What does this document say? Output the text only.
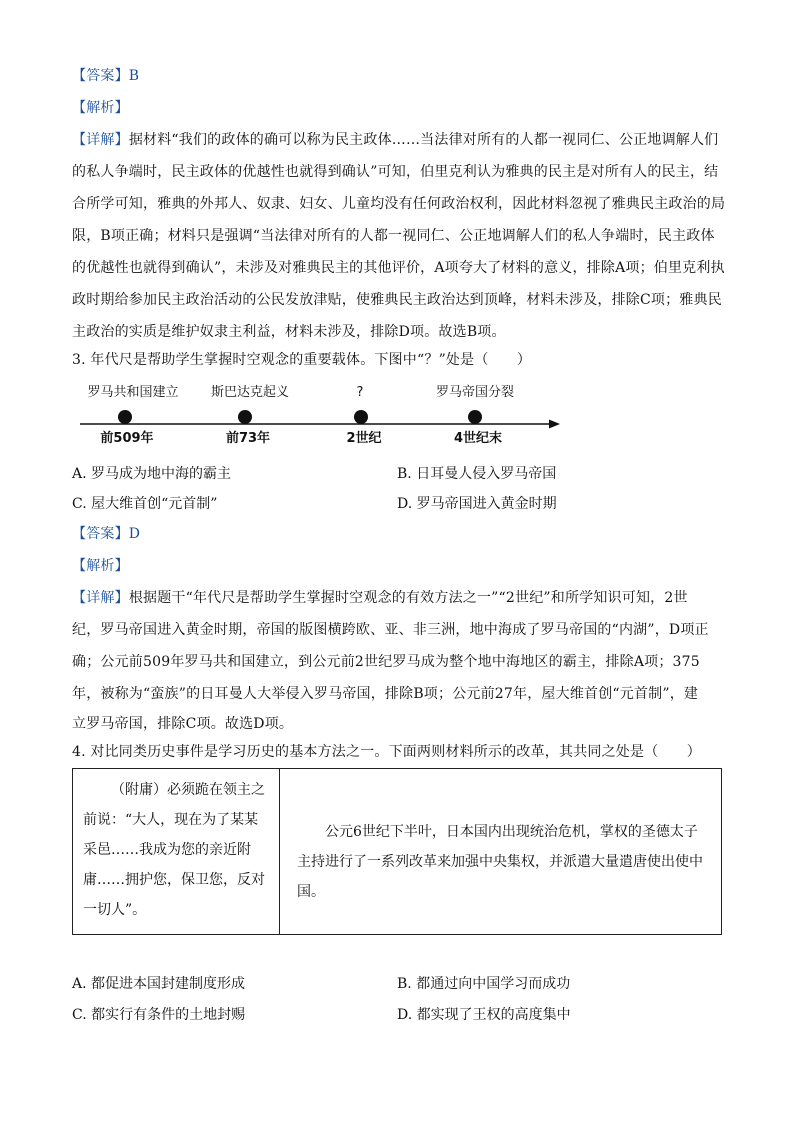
【答案】B
【解析】
【详解】据材料“我们的政体的确可以称为民主政体……当法律对所有的人都一视同仁、公正地调解人们
的私人争端时，民主政体的优越性也就得到确认”可知，伯里克利认为雅典的民主是对所有人的民主，结
合所学可知，雅典的外邦人、奴隶、妇女、儿童均没有任何政治权利，因此材料忽视了雅典民主政治的局
限，B项正确；材料只是强调“当法律对所有的人都一视同仁、公正地调解人们的私人争端时，民主政体
的优越性也就得到确认”，未涉及对雅典民主的其他评价，A项夸大了材料的意义，排除A项；伯里克利执
政时期给参加民主政治活动的公民发放津贴，使雅典民主政治达到顶峰，材料未涉及，排除C项；雅典民
主政治的实质是维护奴隶主利益，材料未涉及，排除D项。故选B项。
3. 年代尺是帮助学生掌握时空观念的重要载体。下图中“？”处是（　　）
罗马共和国建立
前509年
斯巴达克起义
前73年
?
2世纪
罗马帝国分裂
4世纪末
A. 罗马成为地中海的霸主	B. 日耳曼人侵入罗马帝国
C. 屋大维首创“元首制”	D. 罗马帝国进入黄金时期
【答案】D
【解析】
【详解】根据题干“年代尺是帮助学生掌握时空观念的有效方法之一”“2世纪”和所学知识可知，2世
纪，罗马帝国进入黄金时期，帝国的版图横跨欧、亚、非三洲，地中海成了罗马帝国的“内湖”，D项正
确；公元前509年罗马共和国建立，到公元前2世纪罗马成为整个地中海地区的霸主，排除A项；375
年，被称为“蛮族”的日耳曼人大举侵入罗马帝国，排除B项；公元前27年，屋大维首创“元首制”，建
立罗马帝国，排除C项。故选D项。
4. 对比同类历史事件是学习历史的基本方法之一。下面两则材料所示的改革，其共同之处是（　　）
（附庸）必须跪在领主之前说：“大人，现在为了某某采邑……我成为您的亲近附庸……拥护您，保卫您，反对一切人”。
公元6世纪下半叶，日本国内出现统治危机，掌权的圣德太子主持进行了一系列改革来加强中央集权，并派遣大量遣唐使出使中国。
A. 都促进本国封建制度形成	B. 都通过向中国学习而成功
C. 都实行有条件的土地封赐	D. 都实现了王权的高度集中
